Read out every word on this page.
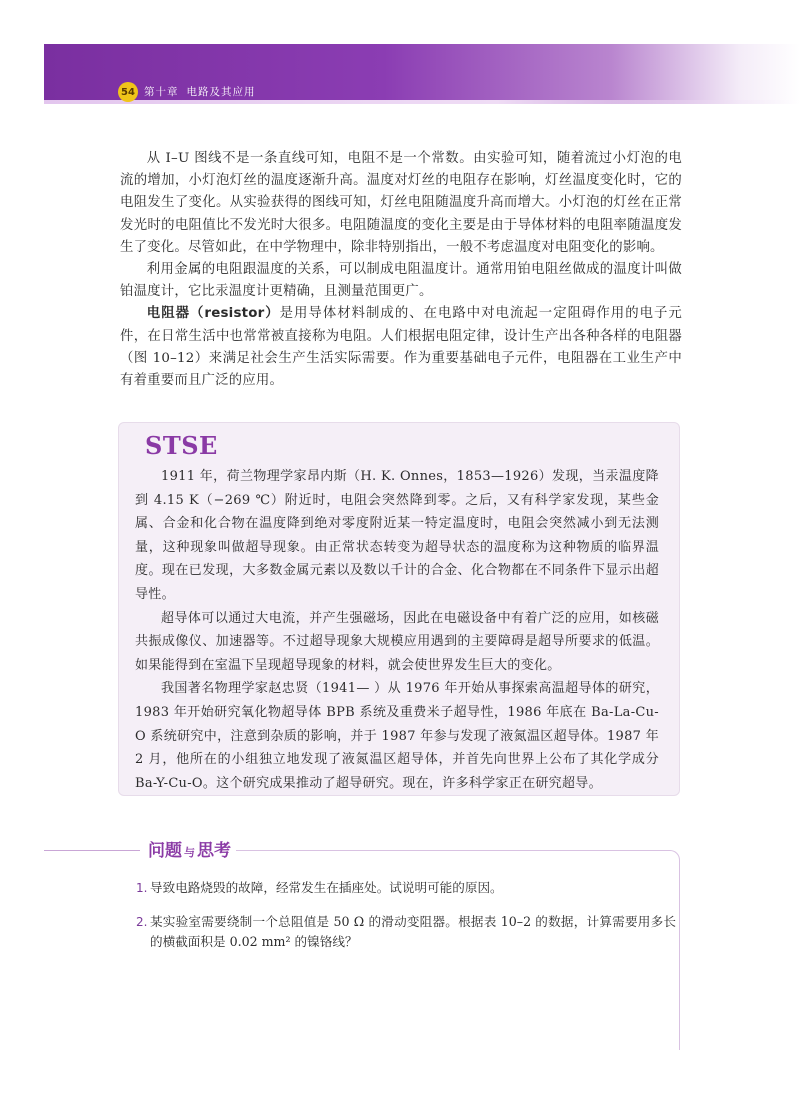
54 第十章 电路及其应用

从 I–U 图线不是一条直线可知，电阻不是一个常数。由实验可知，随着流过小灯泡的电流的增加，小灯泡灯丝的温度逐渐升高。温度对灯丝的电阻存在影响，灯丝温度变化时，它的电阻发生了变化。从实验获得的图线可知，灯丝电阻随温度升高而增大。小灯泡的灯丝在正常发光时的电阻值比不发光时大很多。电阻随温度的变化主要是由于导体材料的电阻率随温度发生了变化。尽管如此，在中学物理中，除非特别指出，一般不考虑温度对电阻变化的影响。

利用金属的电阻跟温度的关系，可以制成电阻温度计。通常用铂电阻丝做成的温度计叫做铂温度计，它比汞温度计更精确，且测量范围更广。

电阻器（resistor）是用导体材料制成的、在电路中对电流起一定阻碍作用的电子元件，在日常生活中也常常被直接称为电阻。人们根据电阻定律，设计生产出各种各样的电阻器（图 10–12）来满足社会生产生活实际需要。作为重要基础电子元件，电阻器在工业生产中有着重要而且广泛的应用。

STSE

1911 年，荷兰物理学家昂内斯（H. K. Onnes，1853—1926）发现，当汞温度降到 4.15 K（−269 ℃）附近时，电阻会突然降到零。之后，又有科学家发现，某些金属、合金和化合物在温度降到绝对零度附近某一特定温度时，电阻会突然减小到无法测量，这种现象叫做超导现象。由正常状态转变为超导状态的温度称为这种物质的临界温度。现在已发现，大多数金属元素以及数以千计的合金、化合物都在不同条件下显示出超导性。

超导体可以通过大电流，并产生强磁场，因此在电磁设备中有着广泛的应用，如核磁共振成像仪、加速器等。不过超导现象大规模应用遇到的主要障碍是超导所要求的低温。如果能得到在室温下呈现超导现象的材料，就会使世界发生巨大的变化。

我国著名物理学家赵忠贤（1941— ）从 1976 年开始从事探索高温超导体的研究，1983 年开始研究氧化物超导体 BPB 系统及重费米子超导性，1986 年底在 Ba-La-Cu-O 系统研究中，注意到杂质的影响，并于 1987 年参与发现了液氮温区超导体。1987 年 2 月，他所在的小组独立地发现了液氮温区超导体，并首先向世界上公布了其化学成分 Ba-Y-Cu-O。这个研究成果推动了超导研究。现在，许多科学家正在研究超导。

问题 与 思考
1. 导致电路烧毁的故障，经常发生在插座处。试说明可能的原因。
2. 某实验室需要绕制一个总阻值是 50 Ω 的滑动变阻器。根据表 10–2 的数据，计算需要用多长的横截面积是 0.02 mm² 的镍铬线？
